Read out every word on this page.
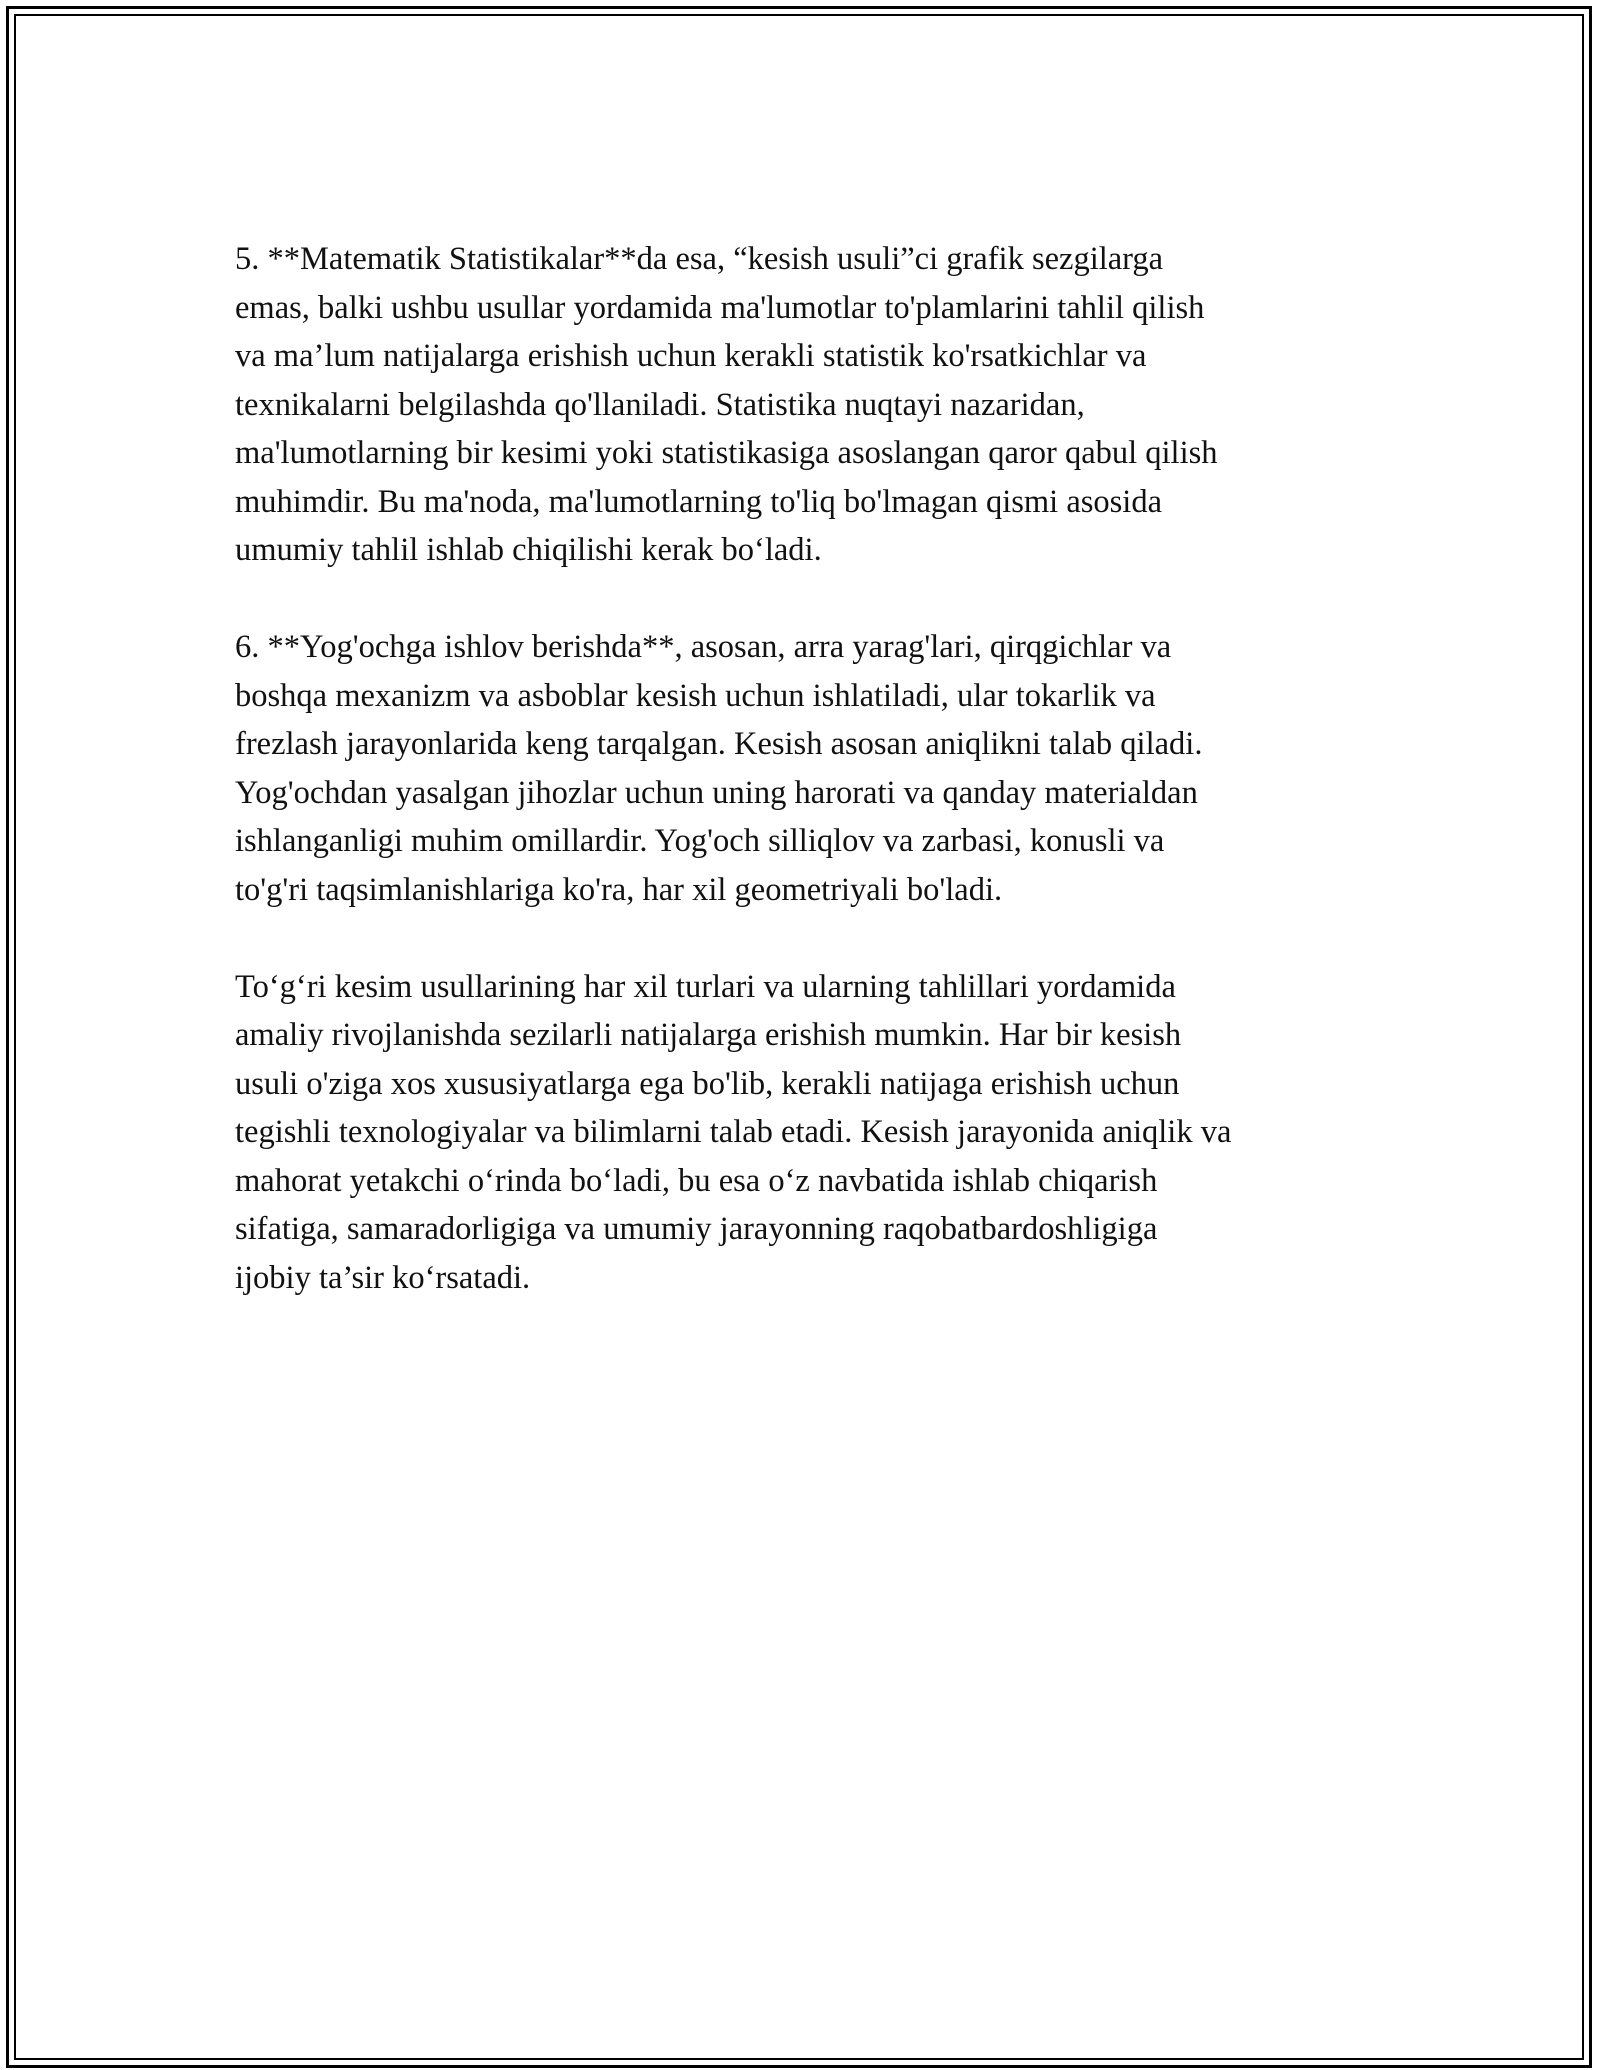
5. **Matematik Statistikalar**da esa, “kesish usuli”ci grafik sezgilarga
emas, balki ushbu usullar yordamida ma'lumotlar to'plamlarini tahlil qilish
va ma’lum natijalarga erishish uchun kerakli statistik ko'rsatkichlar va
texnikalarni belgilashda qo'llaniladi. Statistika nuqtayi nazaridan,
ma'lumotlarning bir kesimi yoki statistikasiga asoslangan qaror qabul qilish
muhimdir. Bu ma'noda, ma'lumotlarning to'liq bo'lmagan qismi asosida
umumiy tahlil ishlab chiqilishi kerak bo‘ladi.

6. **Yog'ochga ishlov berishda**, asosan, arra yarag'lari, qirqgichlar va
boshqa mexanizm va asboblar kesish uchun ishlatiladi, ular tokarlik va
frezlash jarayonlarida keng tarqalgan. Kesish asosan aniqlikni talab qiladi.
Yog'ochdan yasalgan jihozlar uchun uning harorati va qanday materialdan
ishlanganligi muhim omillardir. Yog'och silliqlov va zarbasi, konusli va
to'g'ri taqsimlanishlariga ko'ra, har xil geometriyali bo'ladi.

To‘g‘ri kesim usullarining har xil turlari va ularning tahlillari yordamida
amaliy rivojlanishda sezilarli natijalarga erishish mumkin. Har bir kesish
usuli o'ziga xos xususiyatlarga ega bo'lib, kerakli natijaga erishish uchun
tegishli texnologiyalar va bilimlarni talab etadi. Kesish jarayonida aniqlik va
mahorat yetakchi o‘rinda bo‘ladi, bu esa o‘z navbatida ishlab chiqarish
sifatiga, samaradorligiga va umumiy jarayonning raqobatbardoshligiga
ijobiy ta’sir ko‘rsatadi.
